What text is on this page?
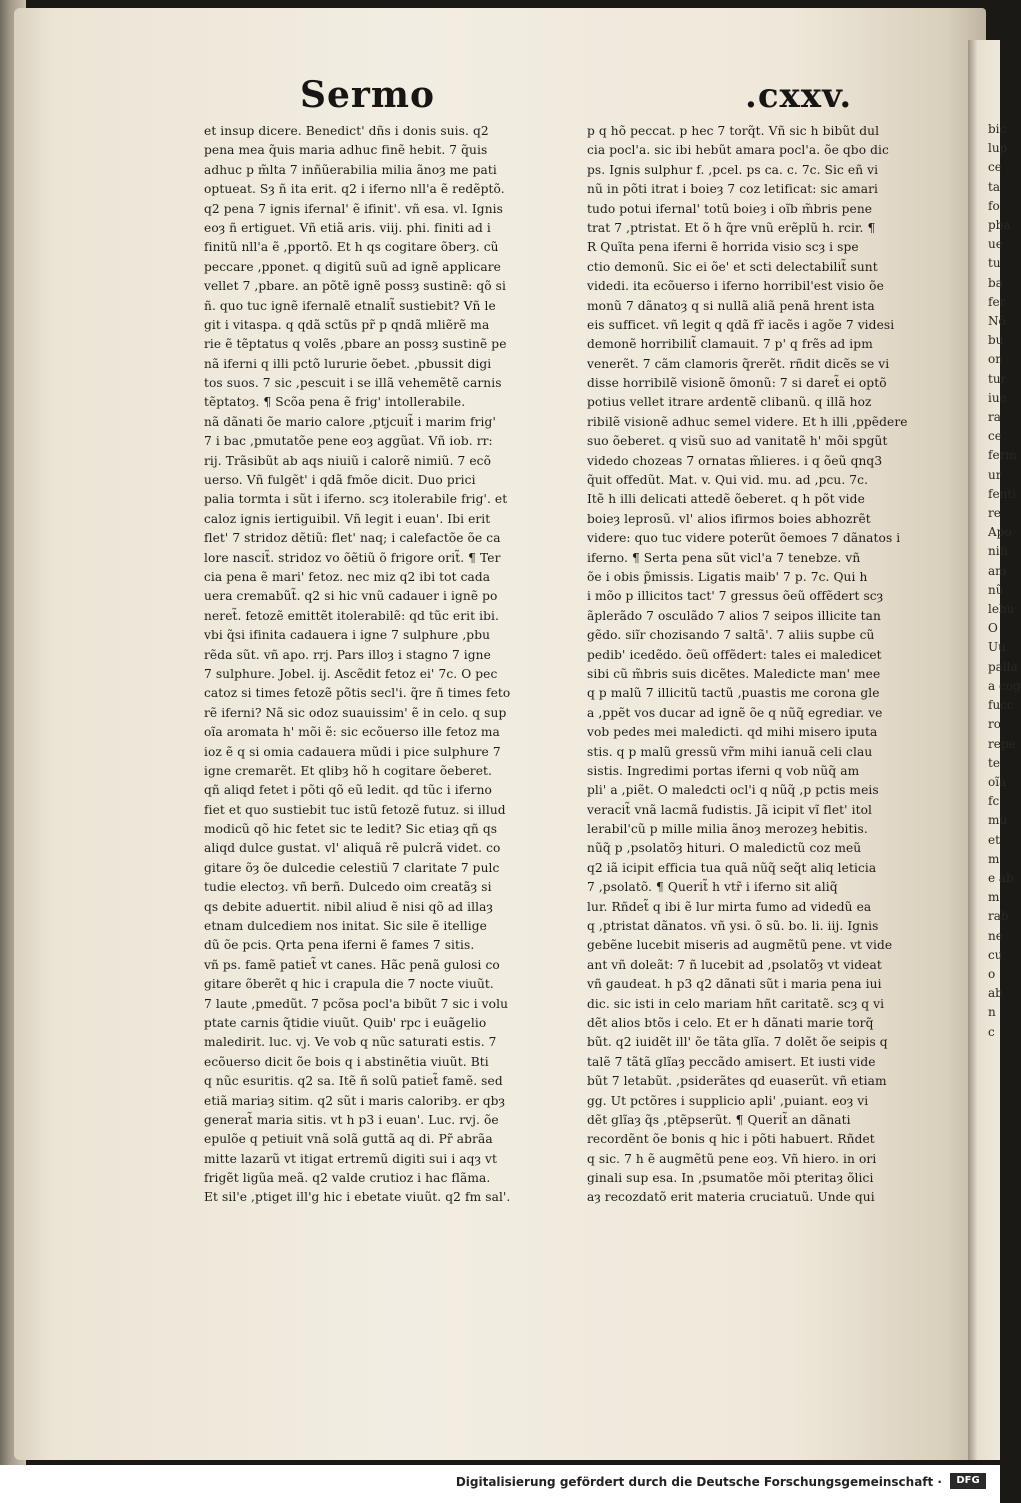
bic
lup
ce
ta
fo
pba
ue
tu
ba
fer
Nõ
bu
on
tur
iue
ra
ce
ferm
ur
fenti
re
Apo
nifi
am
nũ
lebu
O
Uu
palla
a cog
fucc
ro
repe
te
oĩa
fc
mu
et
m
e ab
m
rab
ne
cu
o
ab
n
c
Sermo	.cxxv.
et insup dicere. Benedict' dñs i donis suis. q2
pena mea q̃uis maria adhuc finẽ hebit. 7 q̃uis
adhuc p m̃lta 7 inñũerabilia milia ãnoȝ me pati
optueat. Sȝ ñ ita erit. q2 i iferno nll'a ẽ redẽptõ.
q2 pena 7 ignis ifernal' ẽ ifinit'. vñ esa. vl. Ignis
eoȝ ñ ertiguet. Vñ etiã aris. viij. phi. finiti ad i
finitũ nll'a ẽ ,pportõ. Et h qs cogitare õberȝ. cũ
peccare ,pponet. q digitũ suũ ad ignẽ applicare
vellet 7 ,pbare. an põtẽ ignẽ possȝ sustinẽ: qõ si
ñ. quo tuc ignẽ ifernalẽ etnalit̃ sustiebit? Vñ le
git i vitaspa. q qdã sctũs pr̃ p qndã mliẽrẽ ma
rie ẽ tẽptatus q volẽs ,pbare an possȝ sustinẽ pe
nã iferni q illi pctõ lururie õebet. ,pbussit digi
tos suos. 7 sic ,pescuit i se illã vehemẽtẽ carnis
tẽptatoȝ. ¶ Scõa pena ẽ frig' intollerabile.
nã dãnati õe mario calore ,ptjcuit̃ i marim frig'
7 i bac ,pmutatõe pene eoȝ aggũat. Vñ iob. rr:
rij. Trãsibũt ab aqs niuiũ i calorẽ nimiũ. 7 ecõ
uerso. Vñ fulgẽt' i qdã fmõe dicit. Duo prici
palia tormta i sũt i iferno. scȝ itolerabile frig'. et
caloz ignis iertiguibil. Vñ legit i euan'. Ibi erit
flet' 7 stridoz dẽtiũ: flet' naq; i calefactõe õe ca
lore nascit̃. stridoz vo õẽtiũ õ frigore orit̃. ¶ Ter
cia pena ẽ mari' fetoz. nec miz q2 ibi tot cada
uera cremabũt̃. q2 si hic vnũ cadauer i ignẽ po
neret̃. fetozẽ emittẽt itolerabilẽ: qd tũc erit ibi.
vbi q̃si ifinita cadauera i igne 7 sulphure ,pbu
rẽda sũt. vñ apo. rrj. Pars illoȝ i stagno 7 igne
7 sulphure. Jobel. ij. Ascẽdit fetoz ei' 7c. O pec
catoz si times fetozẽ põtis secl'i. q̃re ñ times feto
rẽ iferni? Nã sic odoz suauissim' ẽ in celo. q sup
oĩa aromata h' mõi ẽ: sic ecõuerso ille fetoz ma
ioz ẽ q si omia cadauera mũdi i pice sulphure 7
igne cremarẽt. Et qlibȝ hõ h cogitare õeberet.
qñ aliqd fetet i põti qõ eũ ledit. qd tũc i iferno
fiet et quo sustiebit tuc istũ fetozẽ futuz. si illud
modicũ qõ hic fetet sic te ledit? Sic etiaȝ qñ qs
aliqd dulce gustat. vl' aliquã rẽ pulcrã videt. co
gitare õȝ õe dulcedie celestiũ 7 claritate 7 pulc
tudie electoȝ. vñ berñ. Dulcedo oim creatãȝ si
qs debite aduertit. nibil aliud ẽ nisi qõ ad illaȝ
etnam dulcediem nos initat. Sic sile ẽ itellige
dũ õe pcis. Qrta pena iferni ẽ fames 7 sitis.
vñ ps. famẽ patiet̃ vt canes. Hãc penã gulosi co
gitare õberẽt q hic i crapula die 7 nocte viuũt.
7 laute ,pmedũt. 7 pcõsa pocl'a bibũt 7 sic i volu
ptate carnis q̃tidie viuũt. Quib' rpc i euãgelio
maledirit. luc. vj. Ve vob q nũc saturati estis. 7
ecõuerso dicit õe bois q i abstinẽtia viuũt. Bti
q nũc esuritis. q2 sa. Itẽ ñ solũ patiet̃ famẽ. sed
etiã mariaȝ sitim. q2 sũt i maris caloribȝ. er qbȝ
generat̃ maria sitis. vt h p3 i euan'. Luc. rvj. õe
epulõe q petiuit vnã solã guttã aq di. Pr̃ abrãa
mitte lazarũ vt itigat ertremũ digiti sui i aqȝ vt
frigẽt ligũa meã. q2 valde crutioz i hac flãma.
Et sil'e ,ptiget ill'g hic i ebetate viuũt. q2 fm sal'.
p q hõ peccat. p hec 7 torq̃t. Vñ sic h bibũt dul
cia pocl'a. sic ibi hebũt amara pocl'a. õe qbo dic
ps. Ignis sulphur f. ,pcel. ps ca. c. 7c. Sic eñ vi
nũ in põti itrat i boieȝ 7 coz letificat: sic amari
tudo potui ifernal' totũ boieȝ i oĩb m̃bris pene
trat 7 ,ptristat. Et õ h q̃re vnũ erẽplũ h. rcir. ¶
R Quĩta pena iferni ẽ horrida visio scȝ i spe
ctio demonũ. Sic ei õe' et scti delectabilit̃ sunt
videdi. ita ecõuerso i iferno horribil'est visio õe
monũ 7 dãnatoȝ q si nullã aliã penã hrent ista
eis sufficet. vñ legit q qdã fr̃ iacẽs i agõe 7 videsi
demonẽ horribilit̃ clamauit. 7 p' q frẽs ad ipm
venerẽt. 7 cãm clamoris q̃rerẽt. rñdit dicẽs se vi
disse horribilẽ visionẽ õmonũ: 7 si daret̃ ei optõ
potius vellet itrare ardentẽ clibanũ. q illã hoz
ribilẽ visionẽ adhuc semel videre. Et h illi ,ppẽdere
suo õeberet. q visũ suo ad vanitatẽ h' mõi spgũt
videdo chozeas 7 ornatas m̃lieres. i q õeũ qnq3
q̃uit offedũt. Mat. v. Qui vid. mu. ad ,pcu. 7c.
Itẽ h illi delicati attedẽ õeberet. q h põt vide
boieȝ leprosũ. vl' alios ifirmos boies abhozrẽt
videre: quo tuc videre poterũt õemoes 7 dãnatos i
iferno. ¶ Serta pena sũt vicl'a 7 tenebze. vñ
õe i obis p̃missis. Ligatis maib' 7 p. 7c. Qui h
i mõo p illicitos tact' 7 gressus õeũ offẽdert scȝ
ãplerãdo 7 osculãdo 7 alios 7 seipos illicite tan
gẽdo. siĩr chozisando 7 saltã'. 7 aliis supbe cũ
pedib' icedẽdo. õeũ offẽdert: tales ei maledicet
sibi cũ m̃bris suis dicẽtes. Maledicte man' mee
q p malũ 7 illicitũ tactũ ,puastis me corona gle
a ,ppẽt vos ducar ad ignẽ õe q nũq̃ egrediar. ve
vob pedes mei maledicti. qd mihi misero iputa
stis. q p malũ gressũ vr̃m mihi ianuã celi clau
sistis. Ingredimi portas iferni q vob nũq̃ am
pli' a ,piẽt. O maledcti ocl'i q nũq̃ ,p pctis meis
veracit̃ vnã lacmã fudistis. Jã icipit vĩ flet' itol
lerabil'cũ p mille milia ãnoȝ merozeȝ hebitis.
nũq̃ p ,psolatõȝ hituri. O maledictũ coz meũ
q2 iã icipit efficia tua quã nũq̃ seq̃t aliq leticia
7 ,psolatõ. ¶ Querit̃ h vtr̃ i iferno sit aliq̃
lur. Rñdet̃ q ibi ẽ lur mirta fumo ad videdũ ea
q ,ptristat dãnatos. vñ ysi. õ sũ. bo. li. iij. Ignis
gebẽne lucebit miseris ad augmẽtũ pene. vt vide
ant vñ doleãt: 7 ñ lucebit ad ,psolatõȝ vt videat
vñ gaudeat. h p3 q2 dãnati sũt i maria pena iui
dic. sic isti in celo mariam hñt caritatẽ. scȝ q vi
dẽt alios btõs i celo. Et er h dãnati marie torq̃
bũt. q2 iuidẽt ill' õe tãta glĩa. 7 dolẽt õe seipis q
talẽ 7 tãtã glĩaȝ peccãdo amisert. Et iusti vide
bũt 7 letabũt. ,psiderãtes qd euaserũt. vñ etiam
gg. Ut pctõres i supplicio apli' ,puiant. eoȝ vi
dẽt glĩaȝ q̃s ,ptẽpserũt. ¶ Querit̃ an dãnati
recordẽnt õe bonis q hic i põti habuert. Rñdet
q sic. 7 h ẽ augmẽtũ pene eoȝ. Vñ hiero. in ori
ginali sup esa. In ,psumatõe mõi pteritaȝ õlici
aȝ recozdatõ erit materia cruciatuũ. Unde qui
Digitalisierung gefördert durch die Deutsche Forschungsgemeinschaft ·	DFG
